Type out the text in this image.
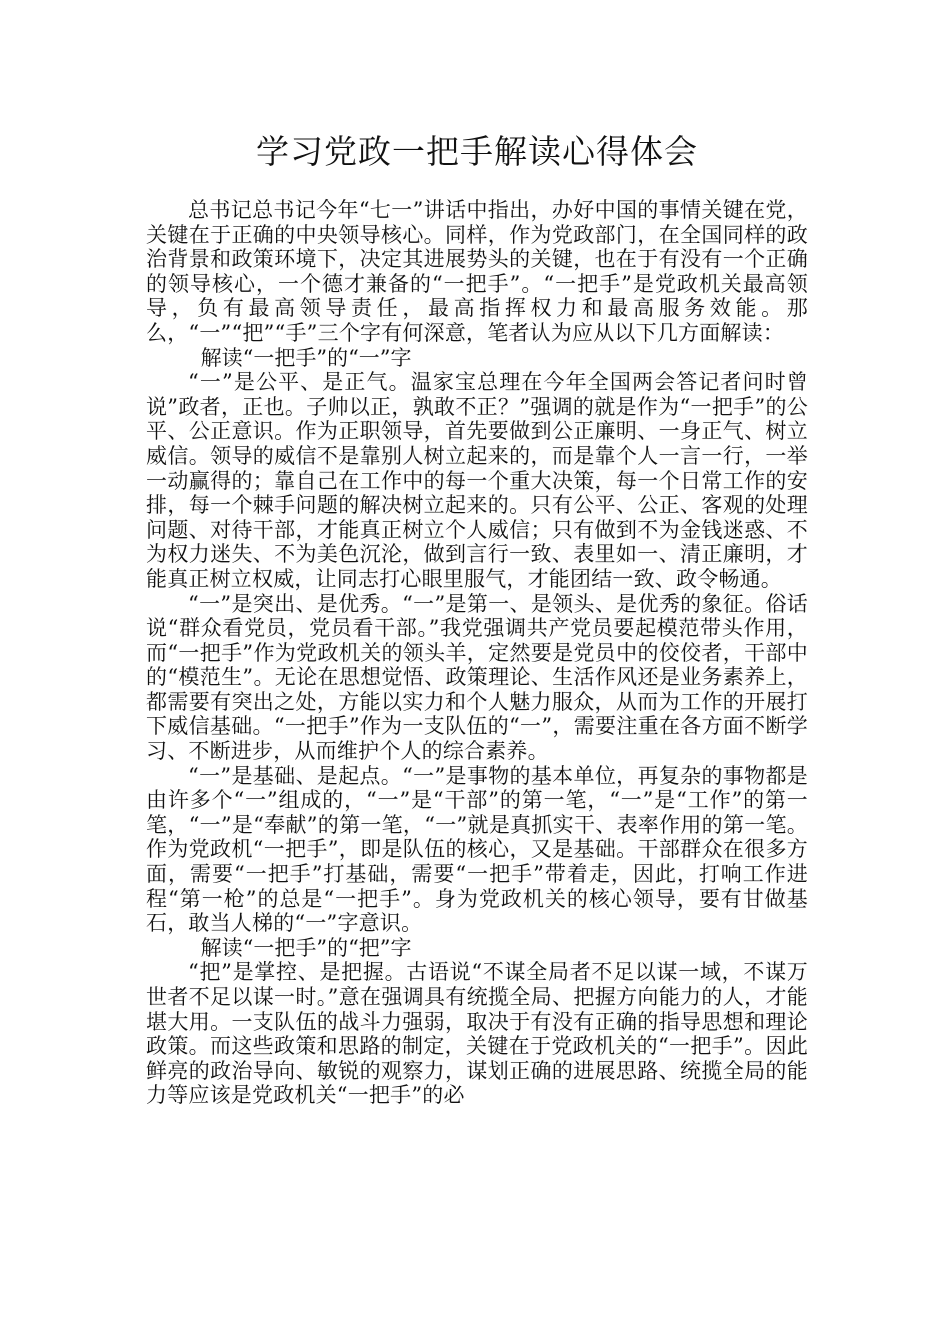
学习党政一把手解读心得体会

总书记总书记今年“七一”讲话中指出，办好中国的事情关键在党，关键在于正确的中央领导核心。同样，作为党政部门，在全国同样的政治背景和政策环境下，决定其进展势头的关键，也在于有没有一个正确的领导核心，一个德才兼备的“一把手”。“一把手”是党政机关最高领导，负有最高领导责任，最高指挥权力和最高服务效能。那么，“一”“把”“手”三个字有何深意，笔者认为应从以下几方面解读：

解读“一把手”的“一”字

“一”是公平、是正气。温家宝总理在今年全国两会答记者问时曾说”政者，正也。子帅以正，孰敢不正？”强调的就是作为“一把手”的公平、公正意识。作为正职领导，首先要做到公正廉明、一身正气、树立威信。领导的威信不是靠别人树立起来的，而是靠个人一言一行，一举一动赢得的；靠自己在工作中的每一个重大决策，每一个日常工作的安排，每一个棘手问题的解决树立起来的。只有公平、公正、客观的处理问题、对待干部，才能真正树立个人威信；只有做到不为金钱迷惑、不为权力迷失、不为美色沉沦，做到言行一致、表里如一、清正廉明，才能真正树立权威，让同志打心眼里服气，才能团结一致、政令畅通。

“一”是突出、是优秀。“一”是第一、是领头、是优秀的象征。俗话说“群众看党员，党员看干部。”我党强调共产党员要起模范带头作用，而“一把手”作为党政机关的领头羊，定然要是党员中的佼佼者，干部中的“模范生”。无论在思想觉悟、政策理论、生活作风还是业务素养上，都需要有突出之处，方能以实力和个人魅力服众，从而为工作的开展打下威信基础。“一把手”作为一支队伍的“一”，需要注重在各方面不断学习、不断进步，从而维护个人的综合素养。

“一”是基础、是起点。“一”是事物的基本单位，再复杂的事物都是由许多个“一”组成的，“一”是“干部”的第一笔，“一”是“工作”的第一笔，“一”是“奉献”的第一笔，“一”就是真抓实干、表率作用的第一笔。作为党政机“一把手”，即是队伍的核心，又是基础。干部群众在很多方面，需要“一把手”打基础，需要“一把手”带着走，因此，打响工作进程“第一枪”的总是“一把手”。身为党政机关的核心领导，要有甘做基石，敢当人梯的“一”字意识。

解读“一把手”的“把”字

“把”是掌控、是把握。古语说“不谋全局者不足以谋一域，不谋万世者不足以谋一时。”意在强调具有统揽全局、把握方向能力的人，才能堪大用。一支队伍的战斗力强弱，取决于有没有正确的指导思想和理论政策。而这些政策和思路的制定，关键在于党政机关的“一把手”。因此鲜亮的政治导向、敏锐的观察力，谋划正确的进展思路、统揽全局的能力等应该是党政机关“一把手”的必
